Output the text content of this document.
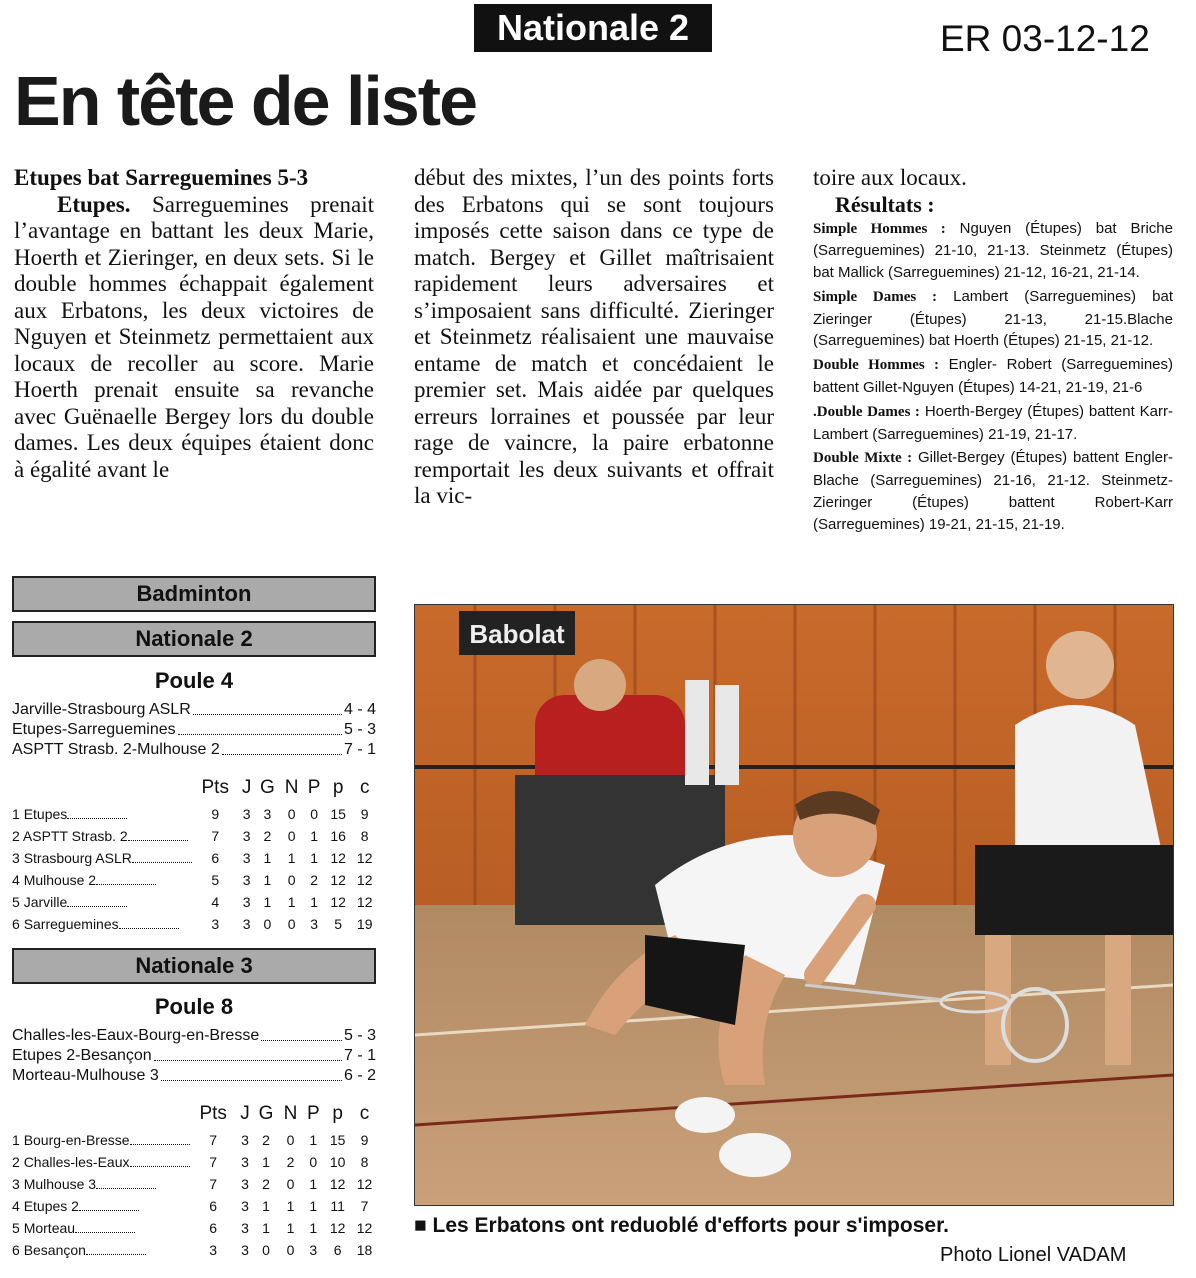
Nationale 2	ER 03-12-12
En tête de liste
Etupes bat Sarreguemines 5-3
Etupes. Sarreguemines prenait l’avantage en battant les deux Marie, Hoerth et Zieringer, en deux sets. Si le double hommes échappait également aux Erbatons, les deux victoires de Nguyen et Steinmetz permettaient aux locaux de recoller au score. Marie Hoerth prenait ensuite sa revanche avec Guënaelle Bergey lors du double dames. Les deux équipes étaient donc à égalité avant le
début des mixtes, l’un des points forts des Erbatons qui se sont toujours imposés cette saison dans ce type de match. Bergey et Gillet maîtrisaient rapidement leurs adversaires et s’imposaient sans difficulté. Zieringer et Steinmetz réalisaient une mauvaise entame de match et concédaient le premier set. Mais aidée par quelques erreurs lorraines et poussée par leur rage de vaincre, la paire erbatonne remportait les deux suivants et offrait la vic-
toire aux locaux.
Résultats :
Simple Hommes : Nguyen (Étupes) bat Briche (Sarreguemines) 21-10, 21-13. Steinmetz (Étupes) bat Mallick (Sarreguemines) 21-12, 16-21, 21-14.
Simple Dames : Lambert (Sarreguemines) bat Zieringer (Étupes) 21-13, 21-15.Blache (Sarreguemines) bat Hoerth (Étupes) 21-15, 21-12.
Double Hommes : Engler- Robert (Sarreguemines) battent Gillet-Nguyen (Étupes) 14-21, 21-19, 21-6
.Double Dames : Hoerth-Bergey (Étupes) battent Karr-Lambert (Sarreguemines) 21-19, 21-17.
Double Mixte : Gillet-Bergey (Étupes) battent Engler-Blache (Sarreguemines) 21-16, 21-12. Steinmetz-Zieringer (Étupes) battent Robert-Karr (Sarreguemines) 19-21, 21-15, 21-19.
Badminton
Nationale 2
Poule 4
Jarville-Strasbourg ASLR	4 - 4
Etupes-Sarreguemines	5 - 3
ASPTT Strasb. 2-Mulhouse 2	7 - 1
	Pts	J	G	N	P	p	c
1 Etupes	9	3	3	0	0	15	9
2 ASPTT Strasb. 2	7	3	2	0	1	16	8
3 Strasbourg ASLR	6	3	1	1	1	12	12
4 Mulhouse 2	5	3	1	0	2	12	12
5 Jarville	4	3	1	1	1	12	12
6 Sarreguemines	3	3	0	0	3	5	19
Nationale 3
Poule 8
Challes-les-Eaux-Bourg-en-Bresse	5 - 3
Etupes 2-Besançon	7 - 1
Morteau-Mulhouse 3	6 - 2
	Pts	J	G	N	P	p	c
1 Bourg-en-Bresse	7	3	2	0	1	15	9
2 Challes-les-Eaux	7	3	1	2	0	10	8
3 Mulhouse 3	7	3	2	0	1	12	12
4 Etupes 2	6	3	1	1	1	11	7
5 Morteau	6	3	1	1	1	12	12
6 Besançon	3	3	0	0	3	6	18
Babolat
■ Les Erbatons ont reduoblé d'efforts pour s'imposer.
Photo Lionel VADAM
